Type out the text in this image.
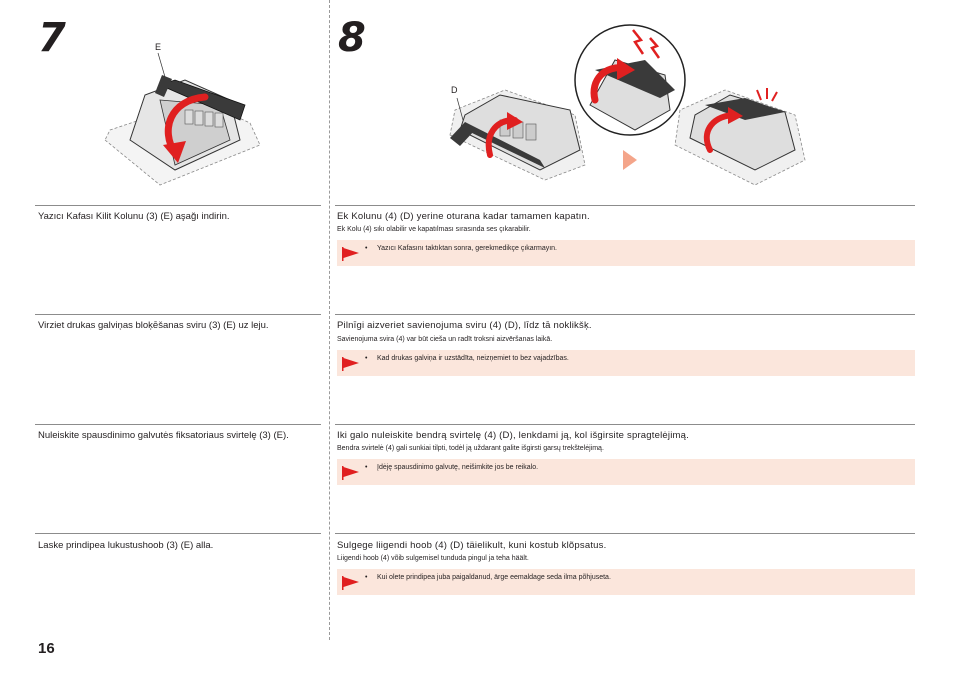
7	8
E
D
Yazıcı Kafası Kilit Kolunu (3) (E) aşağı indirin.	Ek Kolunu (4) (D) yerine oturana kadar tamamen kapatın.
Ek Kolu (4) sıkı olabilir ve kapatılması sırasında ses çıkarabilir.
• Yazıcı Kafasını taktıktan sonra, gerekmedikçe çıkarmayın.
Virziet drukas galviņas bloķēšanas sviru (3) (E) uz leju.	Pilnīgi aizveriet savienojuma sviru (4) (D), līdz tā noklikšķ.
Savienojuma svira (4) var būt cieša un radīt troksni aizvēršanas laikā.
• Kad drukas galviņa ir uzstādīta, neizņemiet to bez vajadzības.
Nuleiskite spausdinimo galvutės fiksatoriaus svirtelę (3) (E).	Iki galo nuleiskite bendrą svirtelę (4) (D), lenkdami ją, kol išgirsite spragtelėjimą.
Bendra svirtelė (4) gali sunkiai tilpti, todėl ją uždarant galite išgirsti garsų trekštelėjimą.
• Įdėję spausdinimo galvutę, neišimkite jos be reikalo.
Laske prindipea lukustushoob (3) (E) alla.	Sulgege liigendi hoob (4) (D) täielikult, kuni kostub klõpsatus.
Liigendi hoob (4) võib sulgemisel tunduda pingul ja teha häält.
• Kui olete prindipea juba paigaldanud, ärge eemaldage seda ilma põhjuseta.
16
